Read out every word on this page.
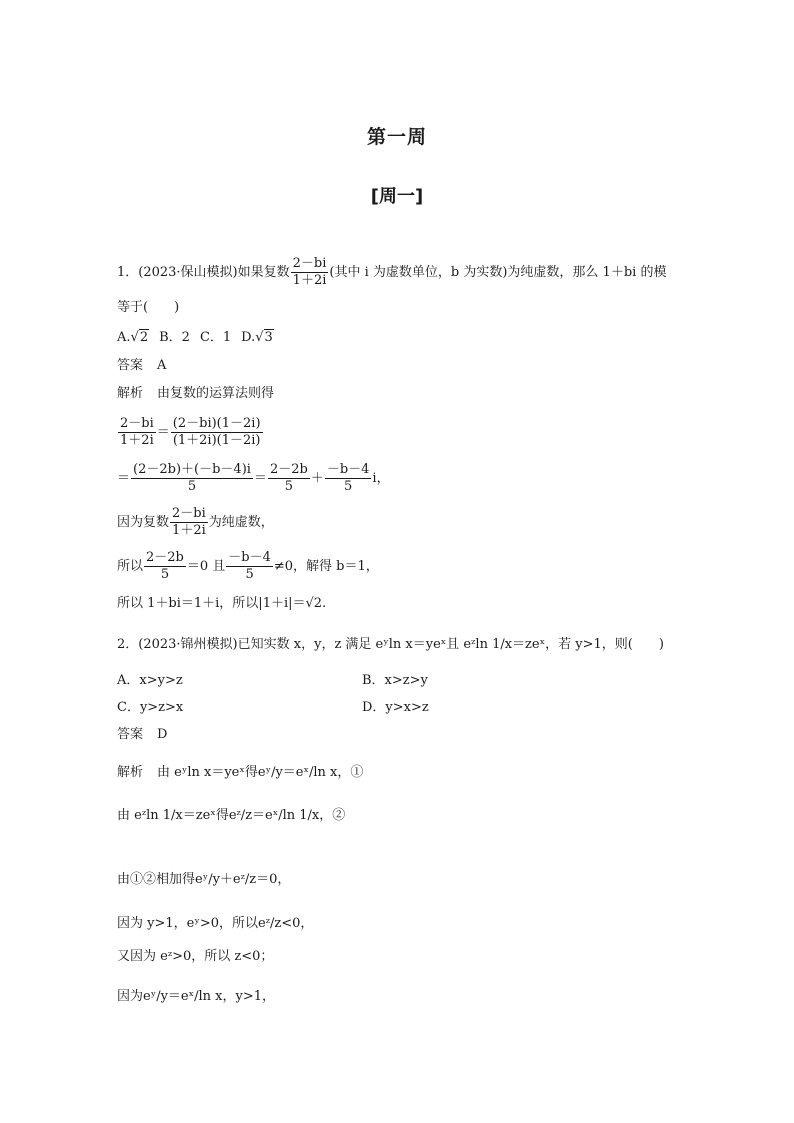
第一周
[周一]
1．(2023·保山模拟)如果复数 $\frac{2-bi}{1+2i}$ (其中 i 为虚数单位，b 为实数)为纯虚数，那么 1＋bi 的模
等于(　　)
A.√2 B．2 C．1 D.√3
答案 A
解析 由复数的运算法则得
$\frac{2-bi}{1+2i} = \frac{(2-bi)(1-2i)}{(1+2i)(1-2i)}$
＝ $\frac{(2-2b)+(-b-4)i}{5} = \frac{2-2b}{5} + \frac{-b-4}{5}$ i，
因为复数 $\frac{2-bi}{1+2i}$ 为纯虚数，
所以 $\frac{2-2b}{5} =0$ 且 $\frac{-b-4}{5} \ne 0$，解得 b＝1，
所以 1＋bi＝1＋i，所以|1＋i|＝√2.
2．(2023·锦州模拟)已知实数 x，y，z 满足 eʸln x＝yeˣ且 eᶻln 1/x＝zeˣ，若 y>1，则(　　)
A．x>y>z	B．x>z>y
C．y>z>x	D．y>x>z
答案 D
解析 由 eʸln x＝yeˣ得eʸ/y＝eˣ/ln x，①
由 eᶻln 1/x＝zeˣ得eᶻ/z＝eˣ/ln 1/x，②
由①②相加得eʸ/y＋eᶻ/z＝0，
因为 y>1，eʸ>0，所以eᶻ/z<0，
又因为 eᶻ>0，所以 z<0；
因为eʸ/y＝eˣ/ln x，y>1，
